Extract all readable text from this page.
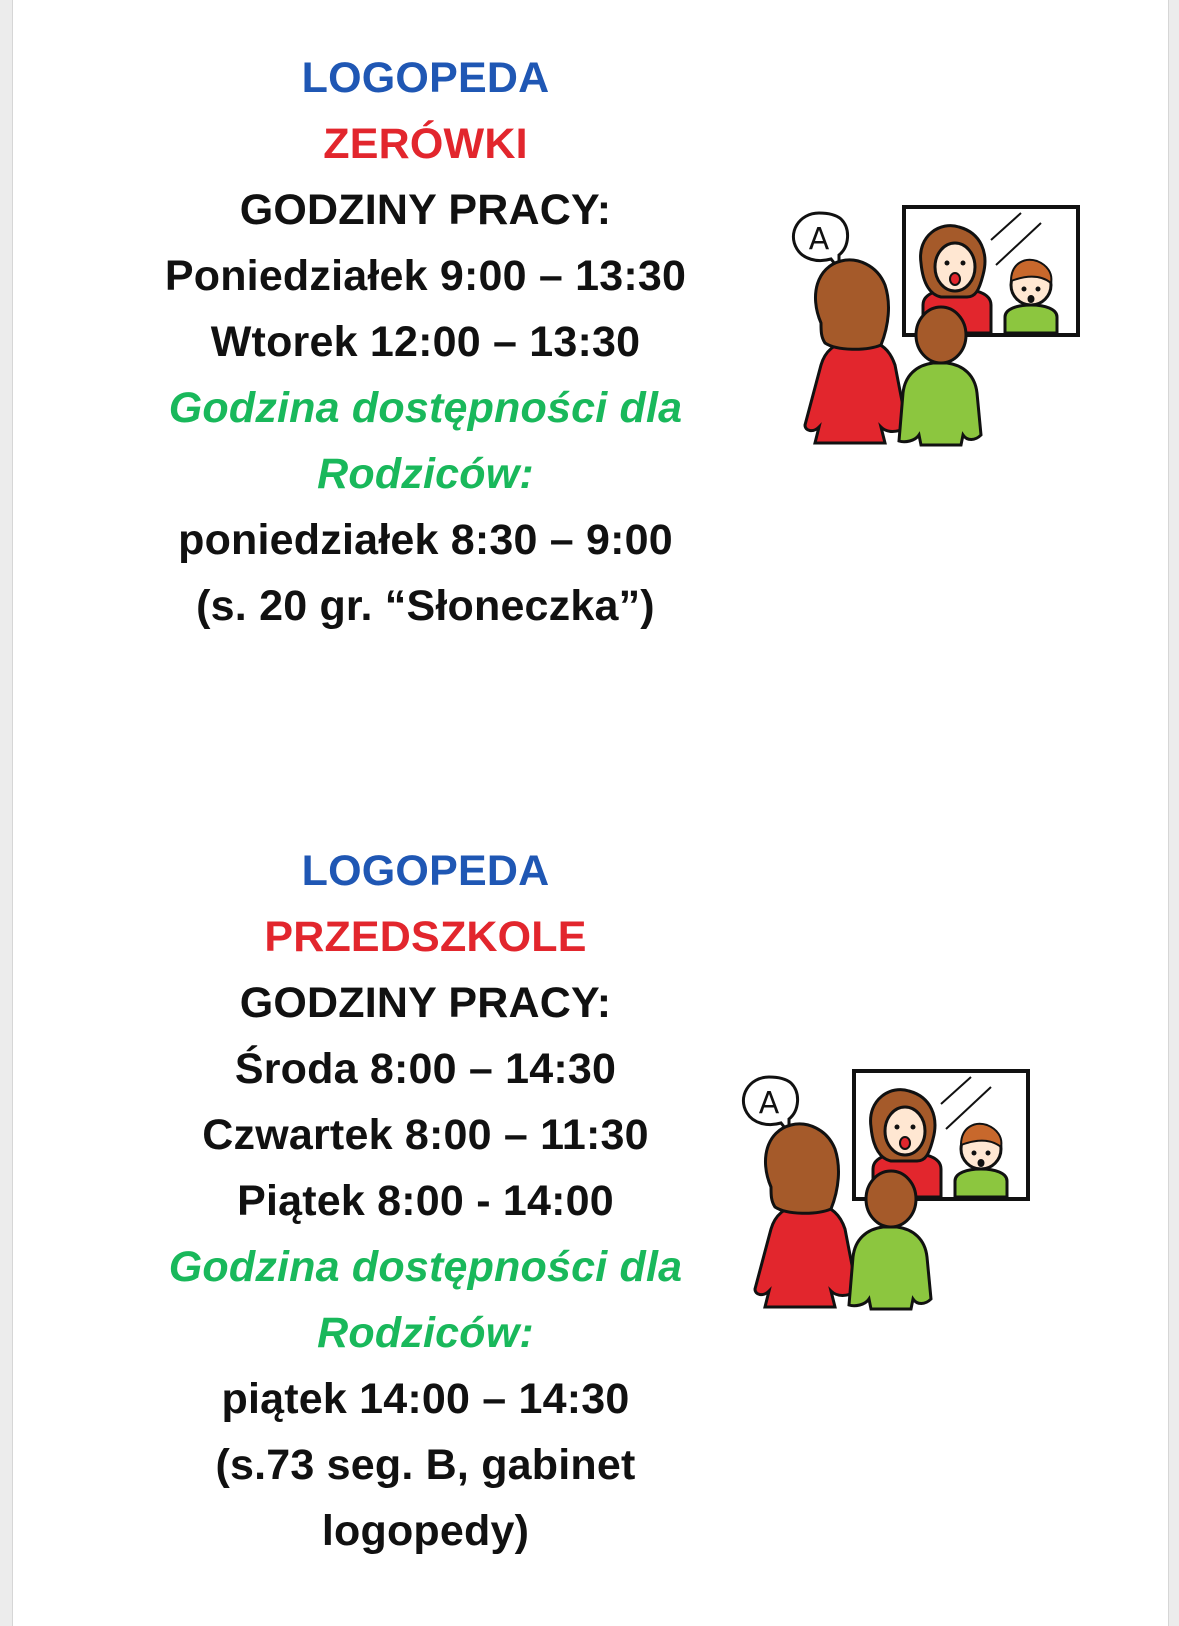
LOGOPEDA
ZERÓWKI
GODZINY PRACY:
Poniedziałek 9:00 – 13:30
Wtorek 12:00 – 13:30
Godzina dostępności dla
Rodziców:
poniedziałek 8:30 – 9:00
(s. 20 gr. “Słoneczka”)
LOGOPEDA
PRZEDSZKOLE
GODZINY PRACY:
Środa 8:00 – 14:30
Czwartek 8:00 – 11:30
Piątek 8:00 - 14:00
Godzina dostępności dla
Rodziców:
piątek 14:00 – 14:30
(s.73 seg. B, gabinet
logopedy)
A
A
